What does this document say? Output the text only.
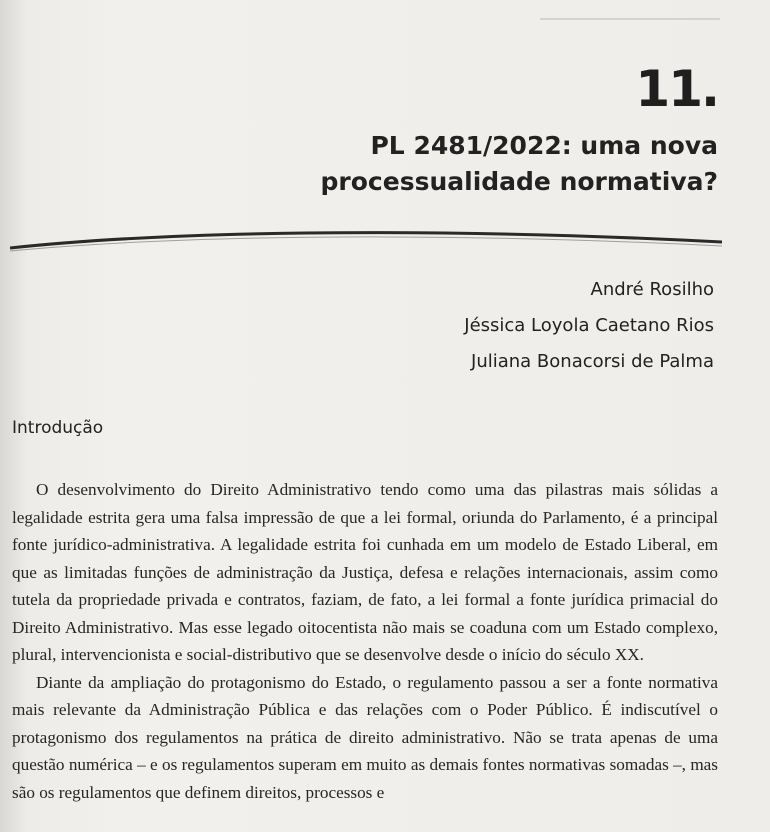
11.
PL 2481/2022: uma nova processualidade normativa?
André Rosilho
Jéssica Loyola Caetano Rios
Juliana Bonacorsi de Palma
Introdução

O desenvolvimento do Direito Administrativo tendo como uma das pilastras mais sólidas a legalidade estrita gera uma falsa impressão de que a lei formal, oriunda do Parlamento, é a principal fonte jurídico-administrativa. A legalidade estrita foi cunhada em um modelo de Estado Liberal, em que as limitadas funções de administração da Justiça, defesa e relações internacionais, assim como tutela da propriedade privada e contratos, faziam, de fato, a lei formal a fonte jurídica primacial do Direito Administrativo. Mas esse legado oitocentista não mais se coaduna com um Estado complexo, plural, intervencionista e social-distributivo que se desenvolve desde o início do século XX.

Diante da ampliação do protagonismo do Estado, o regulamento passou a ser a fonte normativa mais relevante da Administração Pública e das relações com o Poder Público. É indiscutível o protagonismo dos regulamentos na prática de direito administrativo. Não se trata apenas de uma questão numérica – e os regulamentos superam em muito as demais fontes normativas somadas –, mas são os regulamentos que definem direitos, processos e
